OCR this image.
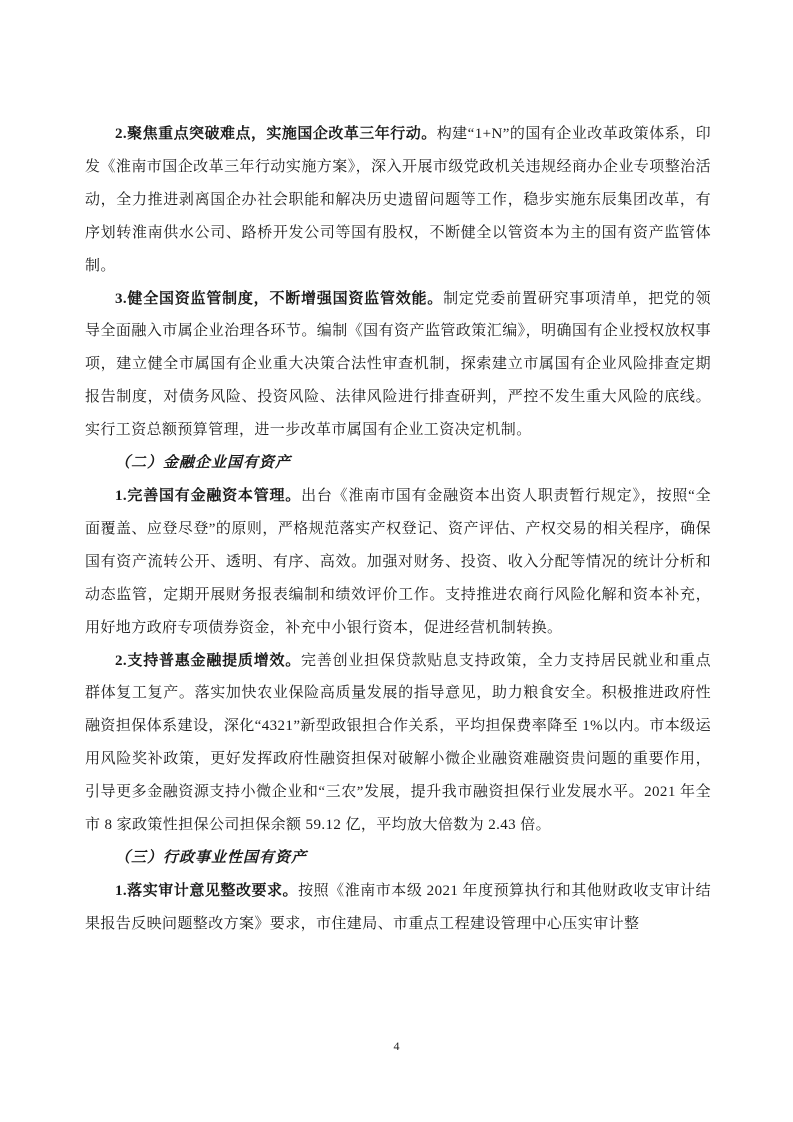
2.聚焦重点突破难点，实施国企改革三年行动。构建“1+N”的国有企业改革政策体系，印发《淮南市国企改革三年行动实施方案》，深入开展市级党政机关违规经商办企业专项整治活动，全力推进剥离国企办社会职能和解决历史遗留问题等工作，稳步实施东辰集团改革，有序划转淮南供水公司、路桥开发公司等国有股权，不断健全以管资本为主的国有资产监管体制。

3.健全国资监管制度，不断增强国资监管效能。制定党委前置研究事项清单，把党的领导全面融入市属企业治理各环节。编制《国有资产监管政策汇编》，明确国有企业授权放权事项，建立健全市属国有企业重大决策合法性审查机制，探索建立市属国有企业风险排查定期报告制度，对债务风险、投资风险、法律风险进行排查研判，严控不发生重大风险的底线。实行工资总额预算管理，进一步改革市属国有企业工资决定机制。

（二）金融企业国有资产

1.完善国有金融资本管理。出台《淮南市国有金融资本出资人职责暂行规定》，按照“全面覆盖、应登尽登”的原则，严格规范落实产权登记、资产评估、产权交易的相关程序，确保国有资产流转公开、透明、有序、高效。加强对财务、投资、收入分配等情况的统计分析和动态监管，定期开展财务报表编制和绩效评价工作。支持推进农商行风险化解和资本补充，用好地方政府专项债券资金，补充中小银行资本，促进经营机制转换。

2.支持普惠金融提质增效。完善创业担保贷款贴息支持政策，全力支持居民就业和重点群体复工复产。落实加快农业保险高质量发展的指导意见，助力粮食安全。积极推进政府性融资担保体系建设，深化“4321”新型政银担合作关系，平均担保费率降至 1%以内。市本级运用风险奖补政策，更好发挥政府性融资担保对破解小微企业融资难融资贵问题的重要作用，引导更多金融资源支持小微企业和“三农”发展，提升我市融资担保行业发展水平。2021 年全市 8 家政策性担保公司担保余额 59.12 亿，平均放大倍数为 2.43 倍。

（三）行政事业性国有资产

1.落实审计意见整改要求。按照《淮南市本级 2021 年度预算执行和其他财政收支审计结果报告反映问题整改方案》要求，市住建局、市重点工程建设管理中心压实审计整

4
